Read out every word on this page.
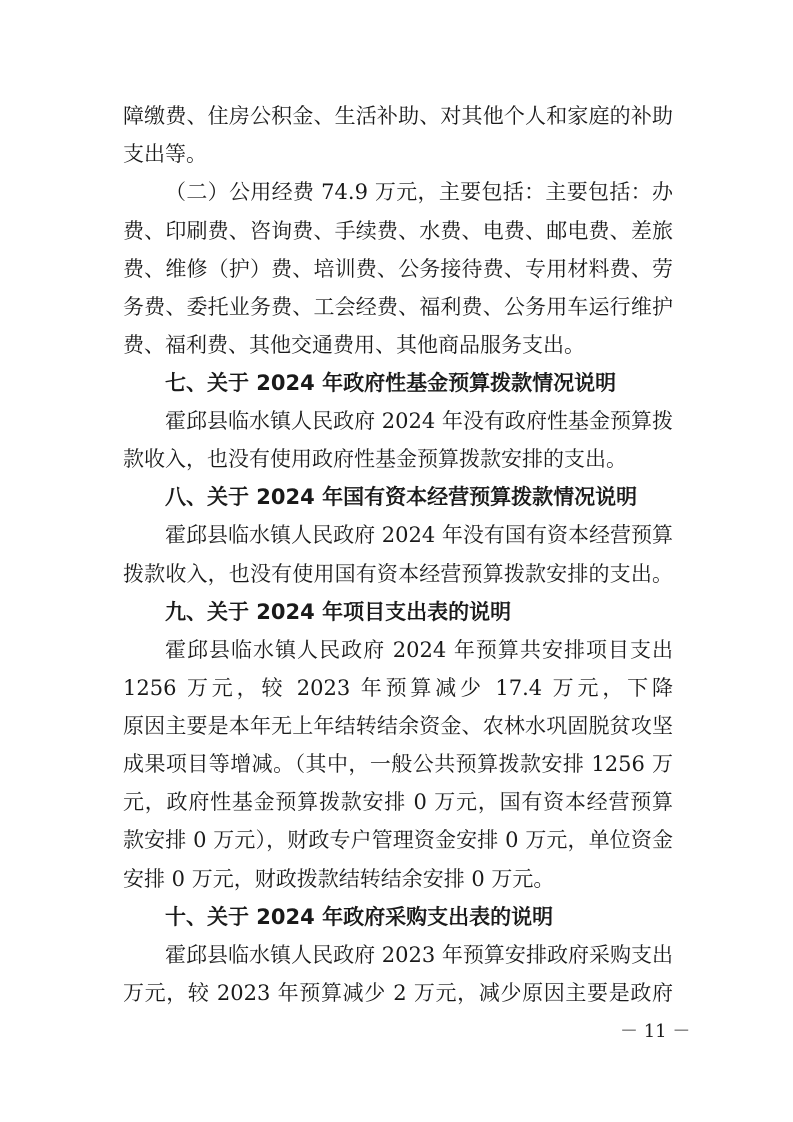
障缴费、住房公积金、生活补助、对其他个人和家庭的补助
支出等。
（二）公用经费 74.9 万元，主要包括：主要包括：办
费、印刷费、咨询费、手续费、水费、电费、邮电费、差旅
费、维修（护）费、培训费、公务接待费、专用材料费、劳
务费、委托业务费、工会经费、福利费、公务用车运行维护
费、福利费、其他交通费用、其他商品服务支出。
七、关于 2024 年政府性基金预算拨款情况说明
霍邱县临水镇人民政府 2024 年没有政府性基金预算拨
款收入，也没有使用政府性基金预算拨款安排的支出。
八、关于 2024 年国有资本经营预算拨款情况说明
霍邱县临水镇人民政府 2024 年没有国有资本经营预算
拨款收入，也没有使用国有资本经营预算拨款安排的支出。
九、关于 2024 年项目支出表的说明
霍邱县临水镇人民政府 2024 年预算共安排项目支出
1256 万元，较 2023 年预算减少 17.4 万元，下降
原因主要是本年无上年结转结余资金、农林水巩固脱贫攻坚
成果项目等增减。（其中，一般公共预算拨款安排 1256 万
元，政府性基金预算拨款安排 0 万元，国有资本经营预算
款安排 0 万元），财政专户管理资金安排 0 万元，单位资金
安排 0 万元，财政拨款结转结余安排 0 万元。
十、关于 2024 年政府采购支出表的说明
霍邱县临水镇人民政府 2023 年预算安排政府采购支出
万元，较 2023 年预算减少 2 万元，减少原因主要是政府
－ 11 －
